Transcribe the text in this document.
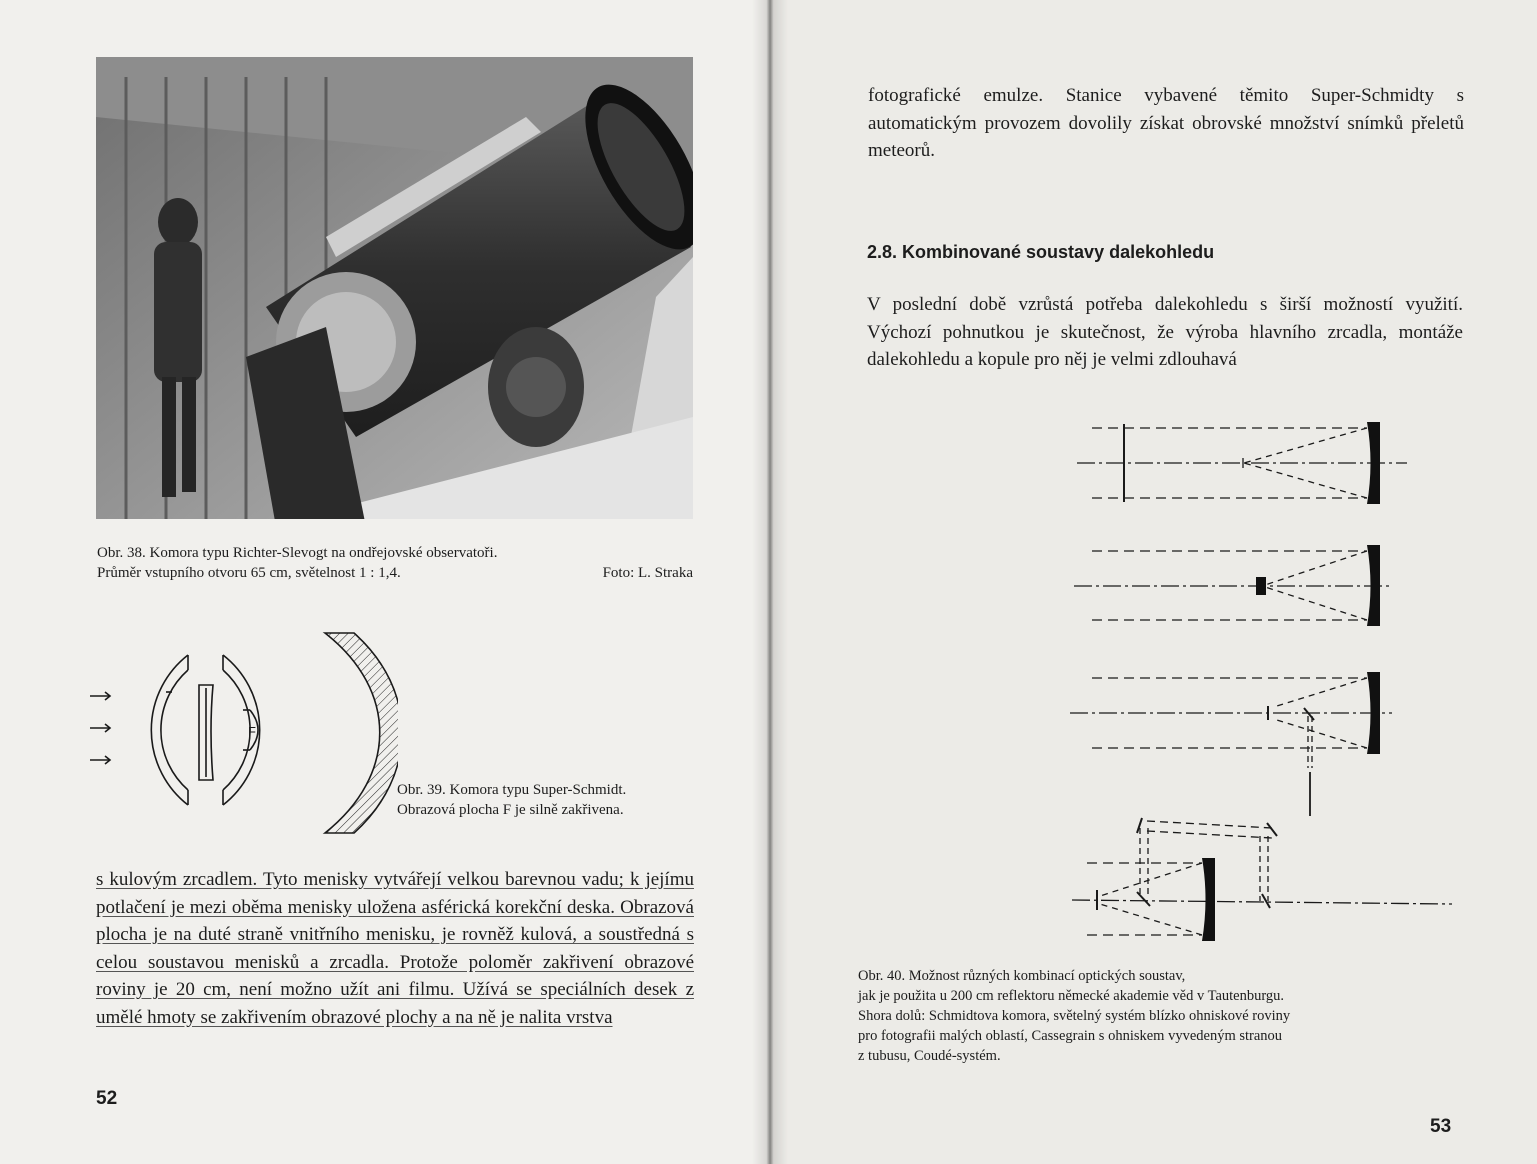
Obr. 38. Komora typu Richter-Slevogt na ondřejovské observatoři.
Průměr vstupního otvoru 65 cm, světelnost 1 : 1,4.	Foto: L. Straka
F
Obr. 39. Komora typu Super-Schmidt.
Obrazová plocha F je silně zakřivena.

s kulovým zrcadlem. Tyto menisky vytvářejí velkou barevnou vadu; k jejímu potlačení je mezi oběma menisky uložena asférická korekční deska. Obrazová plocha je na duté straně vnitřního menisku, je rovněž kulová, a soustředná s celou soustavou menisků a zrcadla. Protože poloměr zakřivení obrazové roviny je 20 cm, není možno užít ani filmu. Užívá se speciálních desek z umělé hmoty se zakřivením obrazové plochy a na ně je nalita vrstva

52

fotografické emulze. Stanice vybavené těmito Super-Schmidty s automatickým provozem dovolily získat obrovské množství snímků přeletů meteorů.

2.8. Kombinované soustavy dalekohledu

V poslední době vzrůstá potřeba dalekohledu s širší možností využití. Výchozí pohnutkou je skutečnost, že výroba hlavního zrcadla, montáže dalekohledu a kopule pro něj je velmi zdlouhavá

Obr. 40. Možnost různých kombinací optických soustav,
jak je použita u 200 cm reflektoru německé akademie věd v Tautenburgu.
Shora dolů: Schmidtova komora, světelný systém blízko ohniskové roviny
pro fotografii malých oblastí, Cassegrain s ohniskem vyvedeným stranou
z tubusu, Coudé-systém.
53
